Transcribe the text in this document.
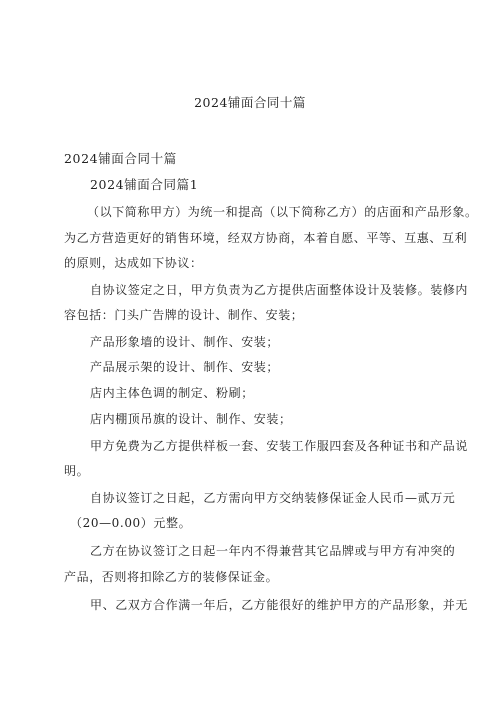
2024铺面合同十篇
2024铺面合同十篇
2024铺面合同篇1
（以下简称甲方）为统一和提高（以下简称乙方）的店面和产品形象。
为乙方营造更好的销售环境，经双方协商，本着自愿、平等、互惠、互利
的原则，达成如下协议：
自协议签定之日，甲方负责为乙方提供店面整体设计及装修。装修内
容包括：门头广告牌的设计、制作、安装；
产品形象墙的设计、制作、安装；
产品展示架的设计、制作、安装；
店内主体色调的制定、粉刷；
店内棚顶吊旗的设计、制作、安装；
甲方免费为乙方提供样板一套、安装工作服四套及各种证书和产品说
明。
自协议签订之日起，乙方需向甲方交纳装修保证金人民币—贰万元
（20—0.00）元整。
乙方在协议签订之日起一年内不得兼营其它品牌或与甲方有冲突的
产品，否则将扣除乙方的装修保证金。
甲、乙双方合作满一年后，乙方能很好的维护甲方的产品形象，并无
